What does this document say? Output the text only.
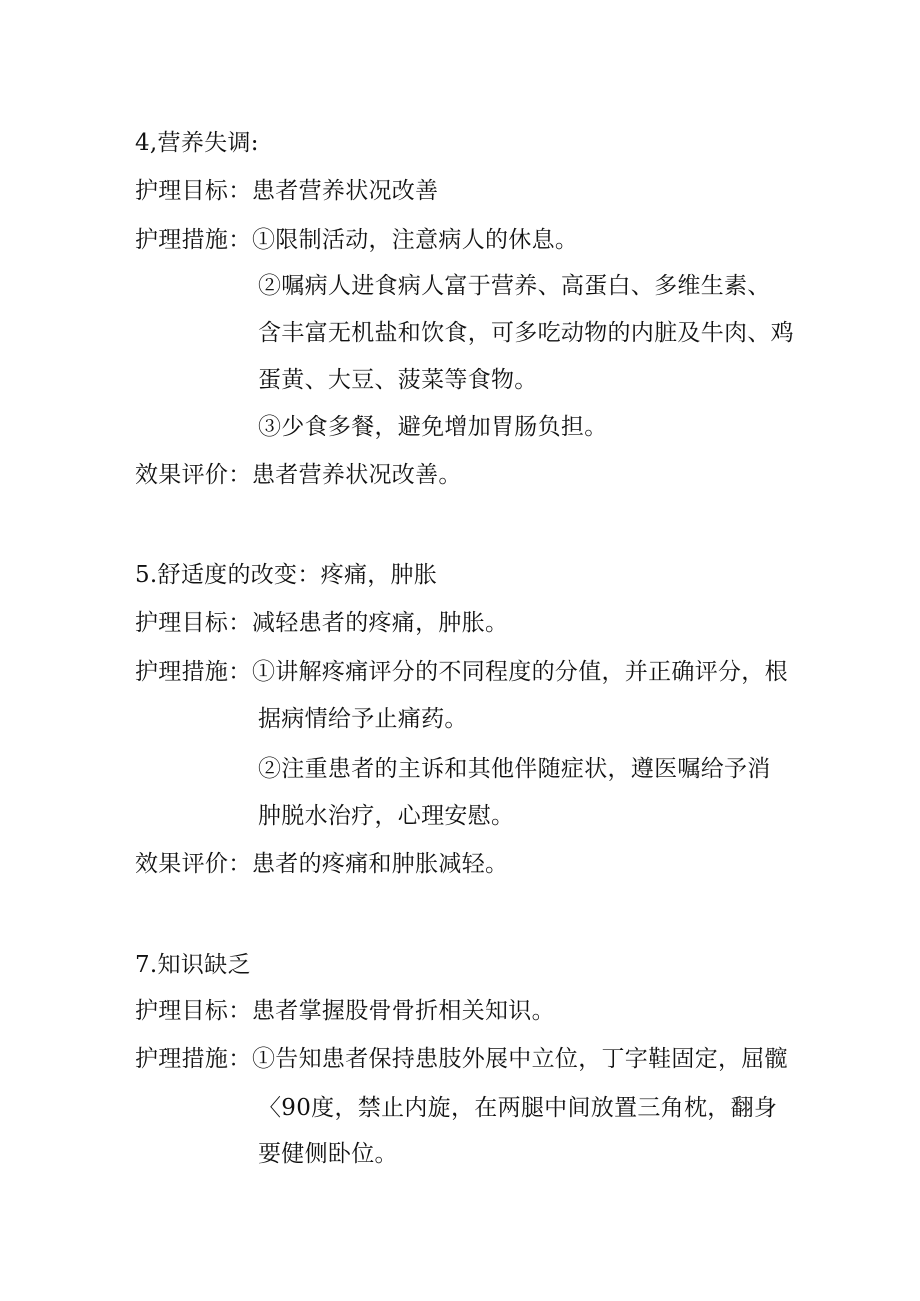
4,营养失调:
护理目标： 患者营养状况改善
护理措施： ①限制活动，注意病人的休息。
②嘱病人进食病人富于营养、高蛋白、多维生素、
含丰富无机盐和饮食，可多吃动物的内脏及牛肉、鸡
蛋黄、大豆、菠菜等食物。
③少食多餐，避免增加胃肠负担。
效果评价： 患者营养状况改善。
5.舒适度的改变：疼痛，肿胀
护理目标： 减轻患者的疼痛，肿胀。
护理措施： ①讲解疼痛评分的不同程度的分值，并正确评分，根
据病情给予止痛药。
②注重患者的主诉和其他伴随症状，遵医嘱给予消
肿脱水治疗，心理安慰。
效果评价： 患者的疼痛和肿胀减轻。
7.知识缺乏
护理目标： 患者掌握股骨骨折相关知识。
护理措施： ①告知患者保持患肢外展中立位，丁字鞋固定，屈髋
〈90度，禁止内旋，在两腿中间放置三角枕，翻身
要健侧卧位。
